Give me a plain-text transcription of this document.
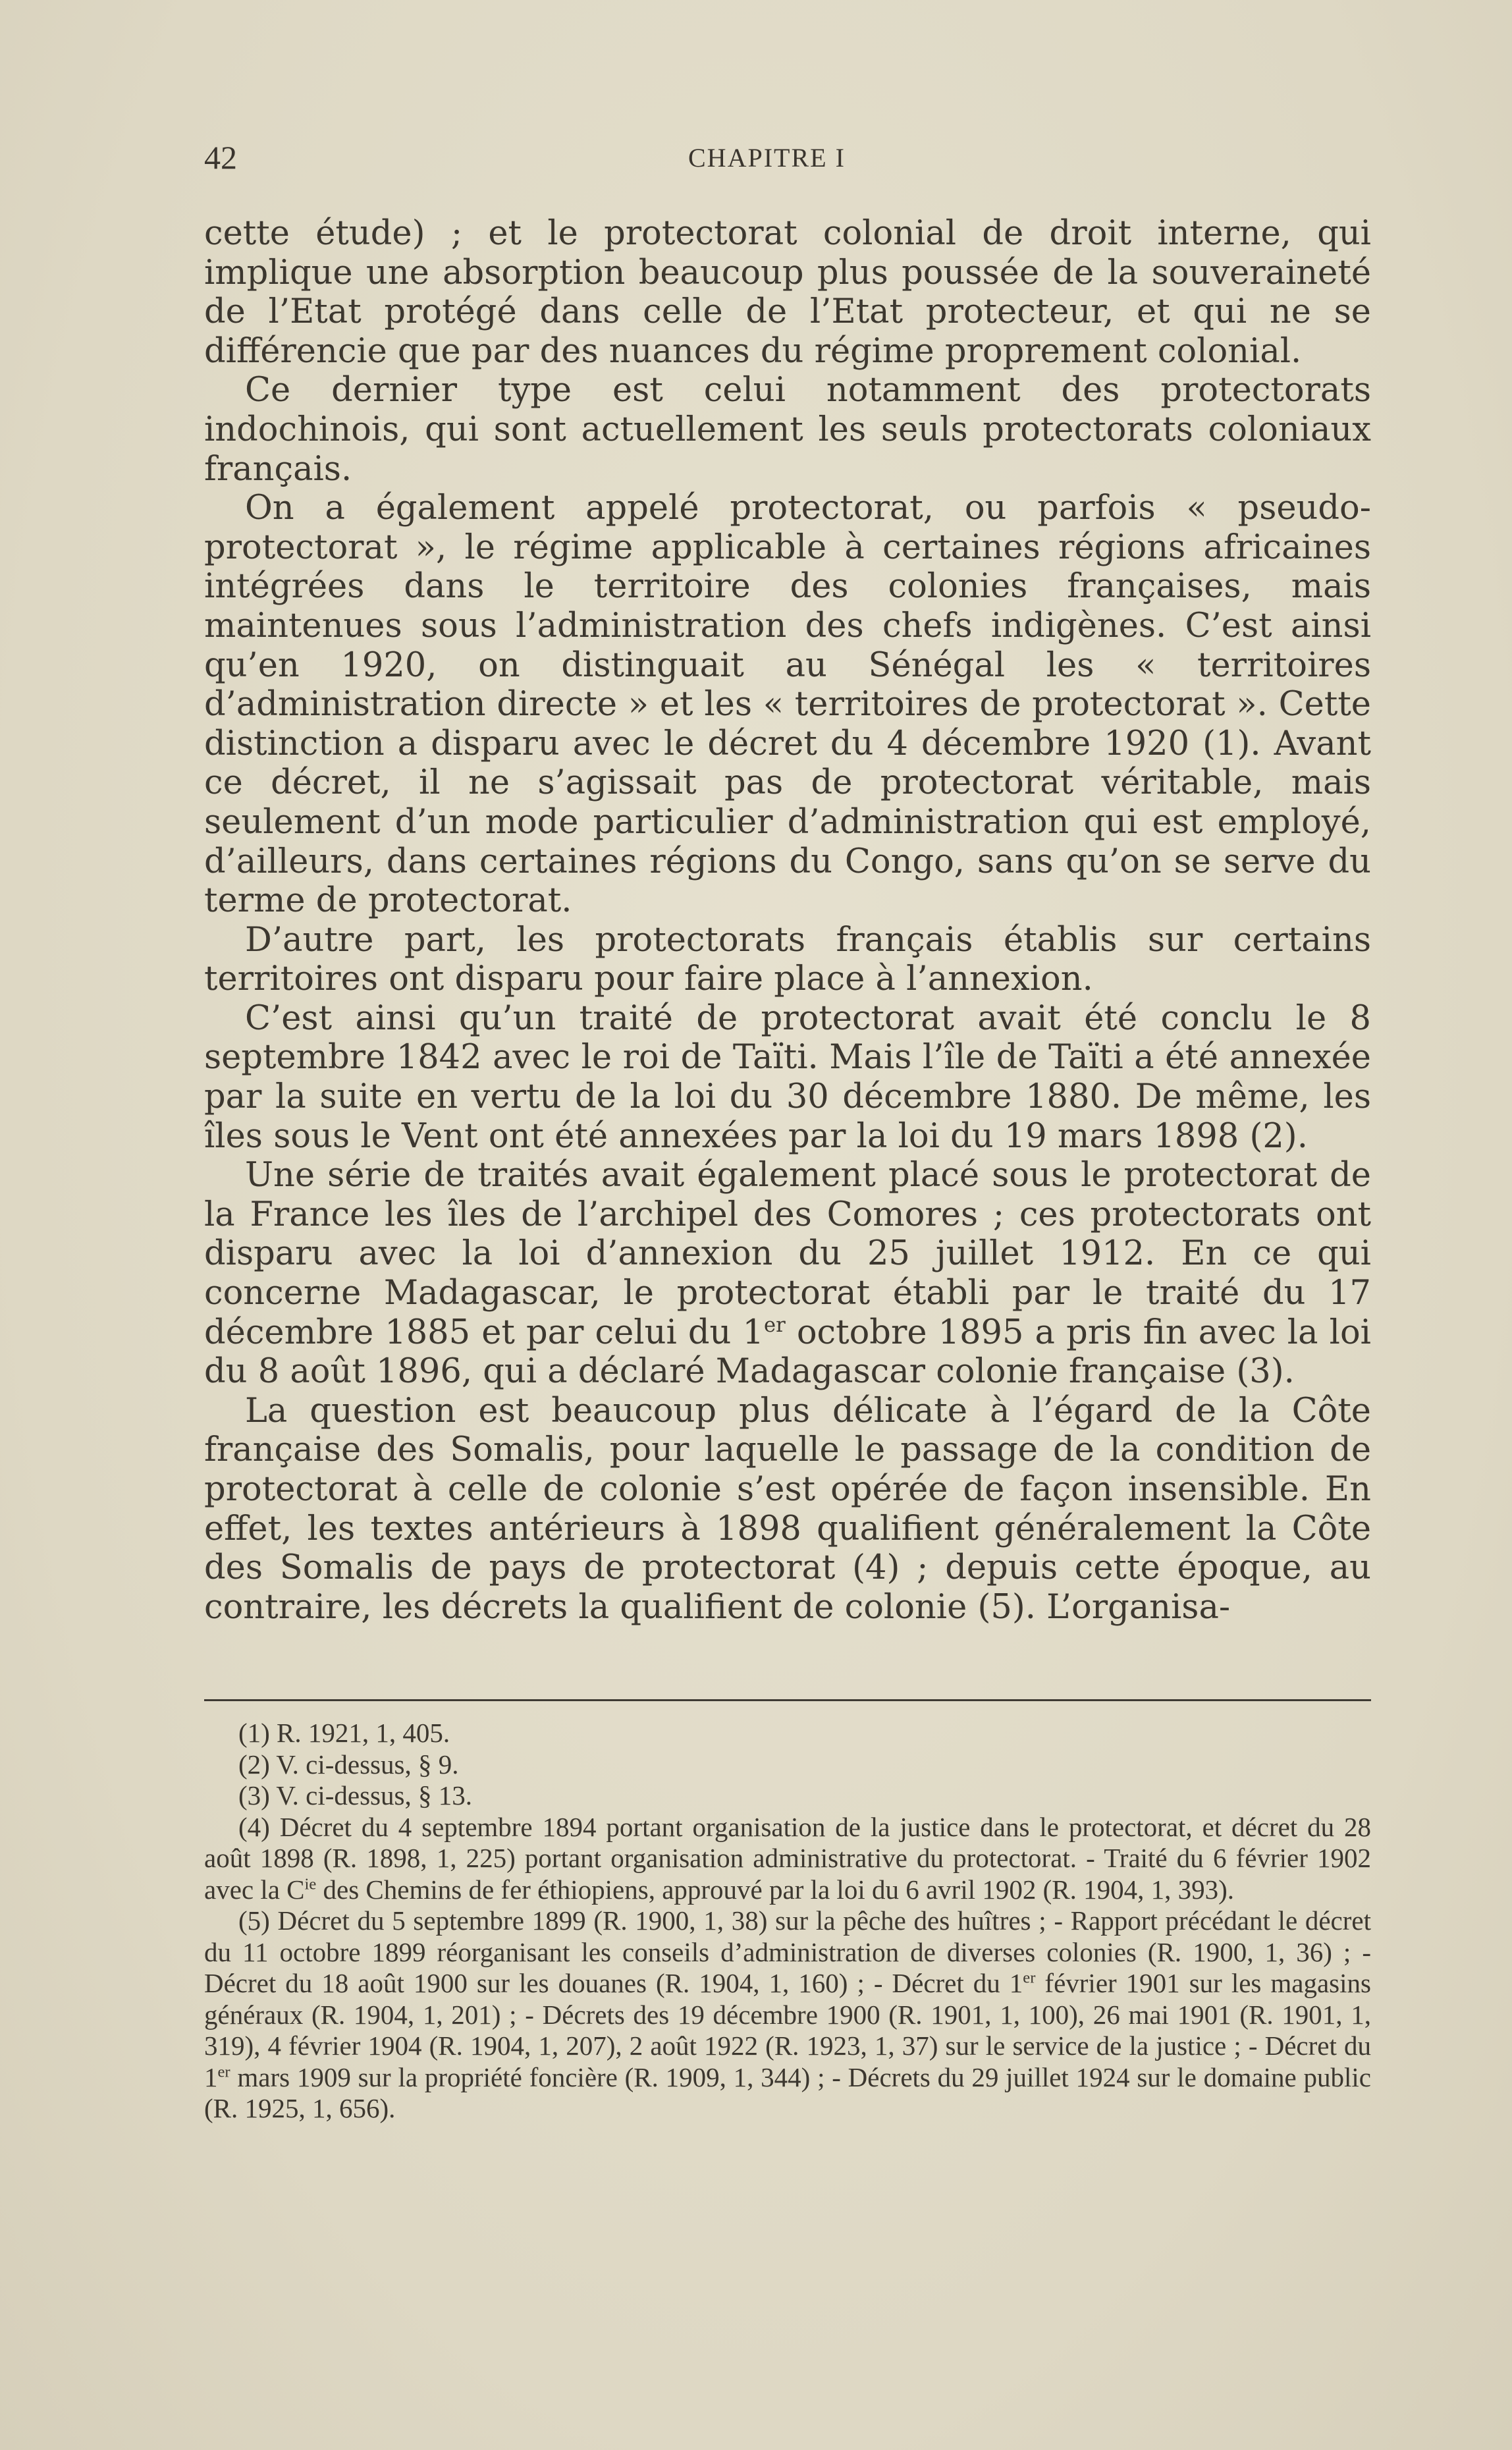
42	CHAPITRE I

cette étude) ; et le protectorat colonial de droit interne, qui implique une absorption beaucoup plus poussée de la souveraineté de l’Etat protégé dans celle de l’Etat protecteur, et qui ne se différencie que par des nuances du régime proprement colonial.

Ce dernier type est celui notamment des protectorats indochinois, qui sont actuellement les seuls protectorats coloniaux français.

On a également appelé protectorat, ou parfois « pseudo-protectorat », le régime applicable à certaines régions africaines intégrées dans le territoire des colonies françaises, mais maintenues sous l’administration des chefs indigènes. C’est ainsi qu’en 1920, on distinguait au Sénégal les « territoires d’administration directe » et les « territoires de protectorat ». Cette distinction a disparu avec le décret du 4 décembre 1920 (1). Avant ce décret, il ne s’agissait pas de protectorat véritable, mais seulement d’un mode particulier d’administration qui est employé, d’ailleurs, dans certaines régions du Congo, sans qu’on se serve du terme de protectorat.

D’autre part, les protectorats français établis sur certains territoires ont disparu pour faire place à l’annexion.

C’est ainsi qu’un traité de protectorat avait été conclu le 8 septembre 1842 avec le roi de Taïti. Mais l’île de Taïti a été annexée par la suite en vertu de la loi du 30 décembre 1880. De même, les îles sous le Vent ont été annexées par la loi du 19 mars 1898 (2).

Une série de traités avait également placé sous le protectorat de la France les îles de l’archipel des Comores ; ces protectorats ont disparu avec la loi d’annexion du 25 juillet 1912. En ce qui concerne Madagascar, le protectorat établi par le traité du 17 décembre 1885 et par celui du 1er octobre 1895 a pris fin avec la loi du 8 août 1896, qui a déclaré Madagascar colonie française (3).

La question est beaucoup plus délicate à l’égard de la Côte française des Somalis, pour laquelle le passage de la condition de protectorat à celle de colonie s’est opérée de façon insensible. En effet, les textes antérieurs à 1898 qualifient généralement la Côte des Somalis de pays de protectorat (4) ; depuis cette époque, au contraire, les décrets la qualifient de colonie (5). L’organisa-

(1) R. 1921, 1, 405.

(2) V. ci-dessus, § 9.

(3) V. ci-dessus, § 13.

(4) Décret du 4 septembre 1894 portant organisation de la justice dans le protectorat, et décret du 28 août 1898 (R. 1898, 1, 225) portant organisation administrative du protectorat. - Traité du 6 février 1902 avec la $C^{ie}$ des Chemins de fer éthiopiens, approuvé par la loi du 6 avril 1902 (R. 1904, 1, 393).

(5) Décret du 5 septembre 1899 (R. 1900, 1, 38) sur la pêche des huîtres ; - Rapport précédant le décret du 11 octobre 1899 réorganisant les conseils d’administration de diverses colonies (R. 1900, 1, 36) ; - Décret du 18 août 1900 sur les douanes (R. 1904, 1, 160) ; - Décret du 1er février 1901 sur les magasins généraux (R. 1904, 1, 201) ; - Décrets des 19 décembre 1900 (R. 1901, 1, 100), 26 mai 1901 (R. 1901, 1, 319), 4 février 1904 (R. 1904, 1, 207), 2 août 1922 (R. 1923, 1, 37) sur le service de la justice ; - Décret du 1er mars 1909 sur la propriété foncière (R. 1909, 1, 344) ; - Décrets du 29 juillet 1924 sur le domaine public (R. 1925, 1, 656).
